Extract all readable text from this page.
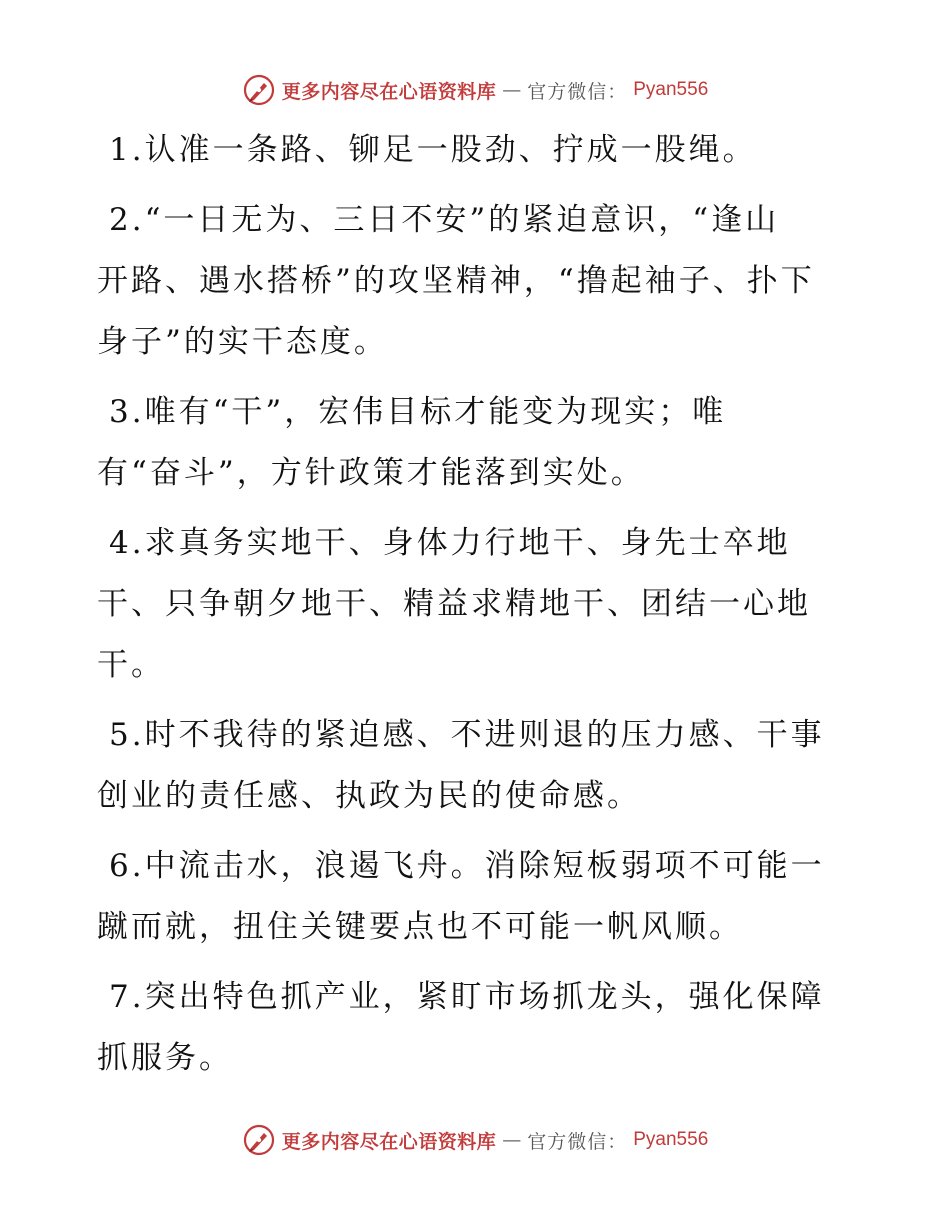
更多内容尽在心语资料库 — 官方微信： Pyan556
1.认准一条路、铆足一股劲、拧成一股绳。
2.“一日无为、三日不安”的紧迫意识，“逢山
开路、遇水搭桥”的攻坚精神，“撸起袖子、扑下
身子”的实干态度。
3.唯有“干”，宏伟目标才能变为现实；唯
有“奋斗”，方针政策才能落到实处。
4.求真务实地干、身体力行地干、身先士卒地
干、只争朝夕地干、精益求精地干、团结一心地
干。
5.时不我待的紧迫感、不进则退的压力感、干事
创业的责任感、执政为民的使命感。
6.中流击水，浪遏飞舟。消除短板弱项不可能一
蹴而就，扭住关键要点也不可能一帆风顺。
7.突出特色抓产业，紧盯市场抓龙头，强化保障
抓服务。
更多内容尽在心语资料库 — 官方微信： Pyan556
